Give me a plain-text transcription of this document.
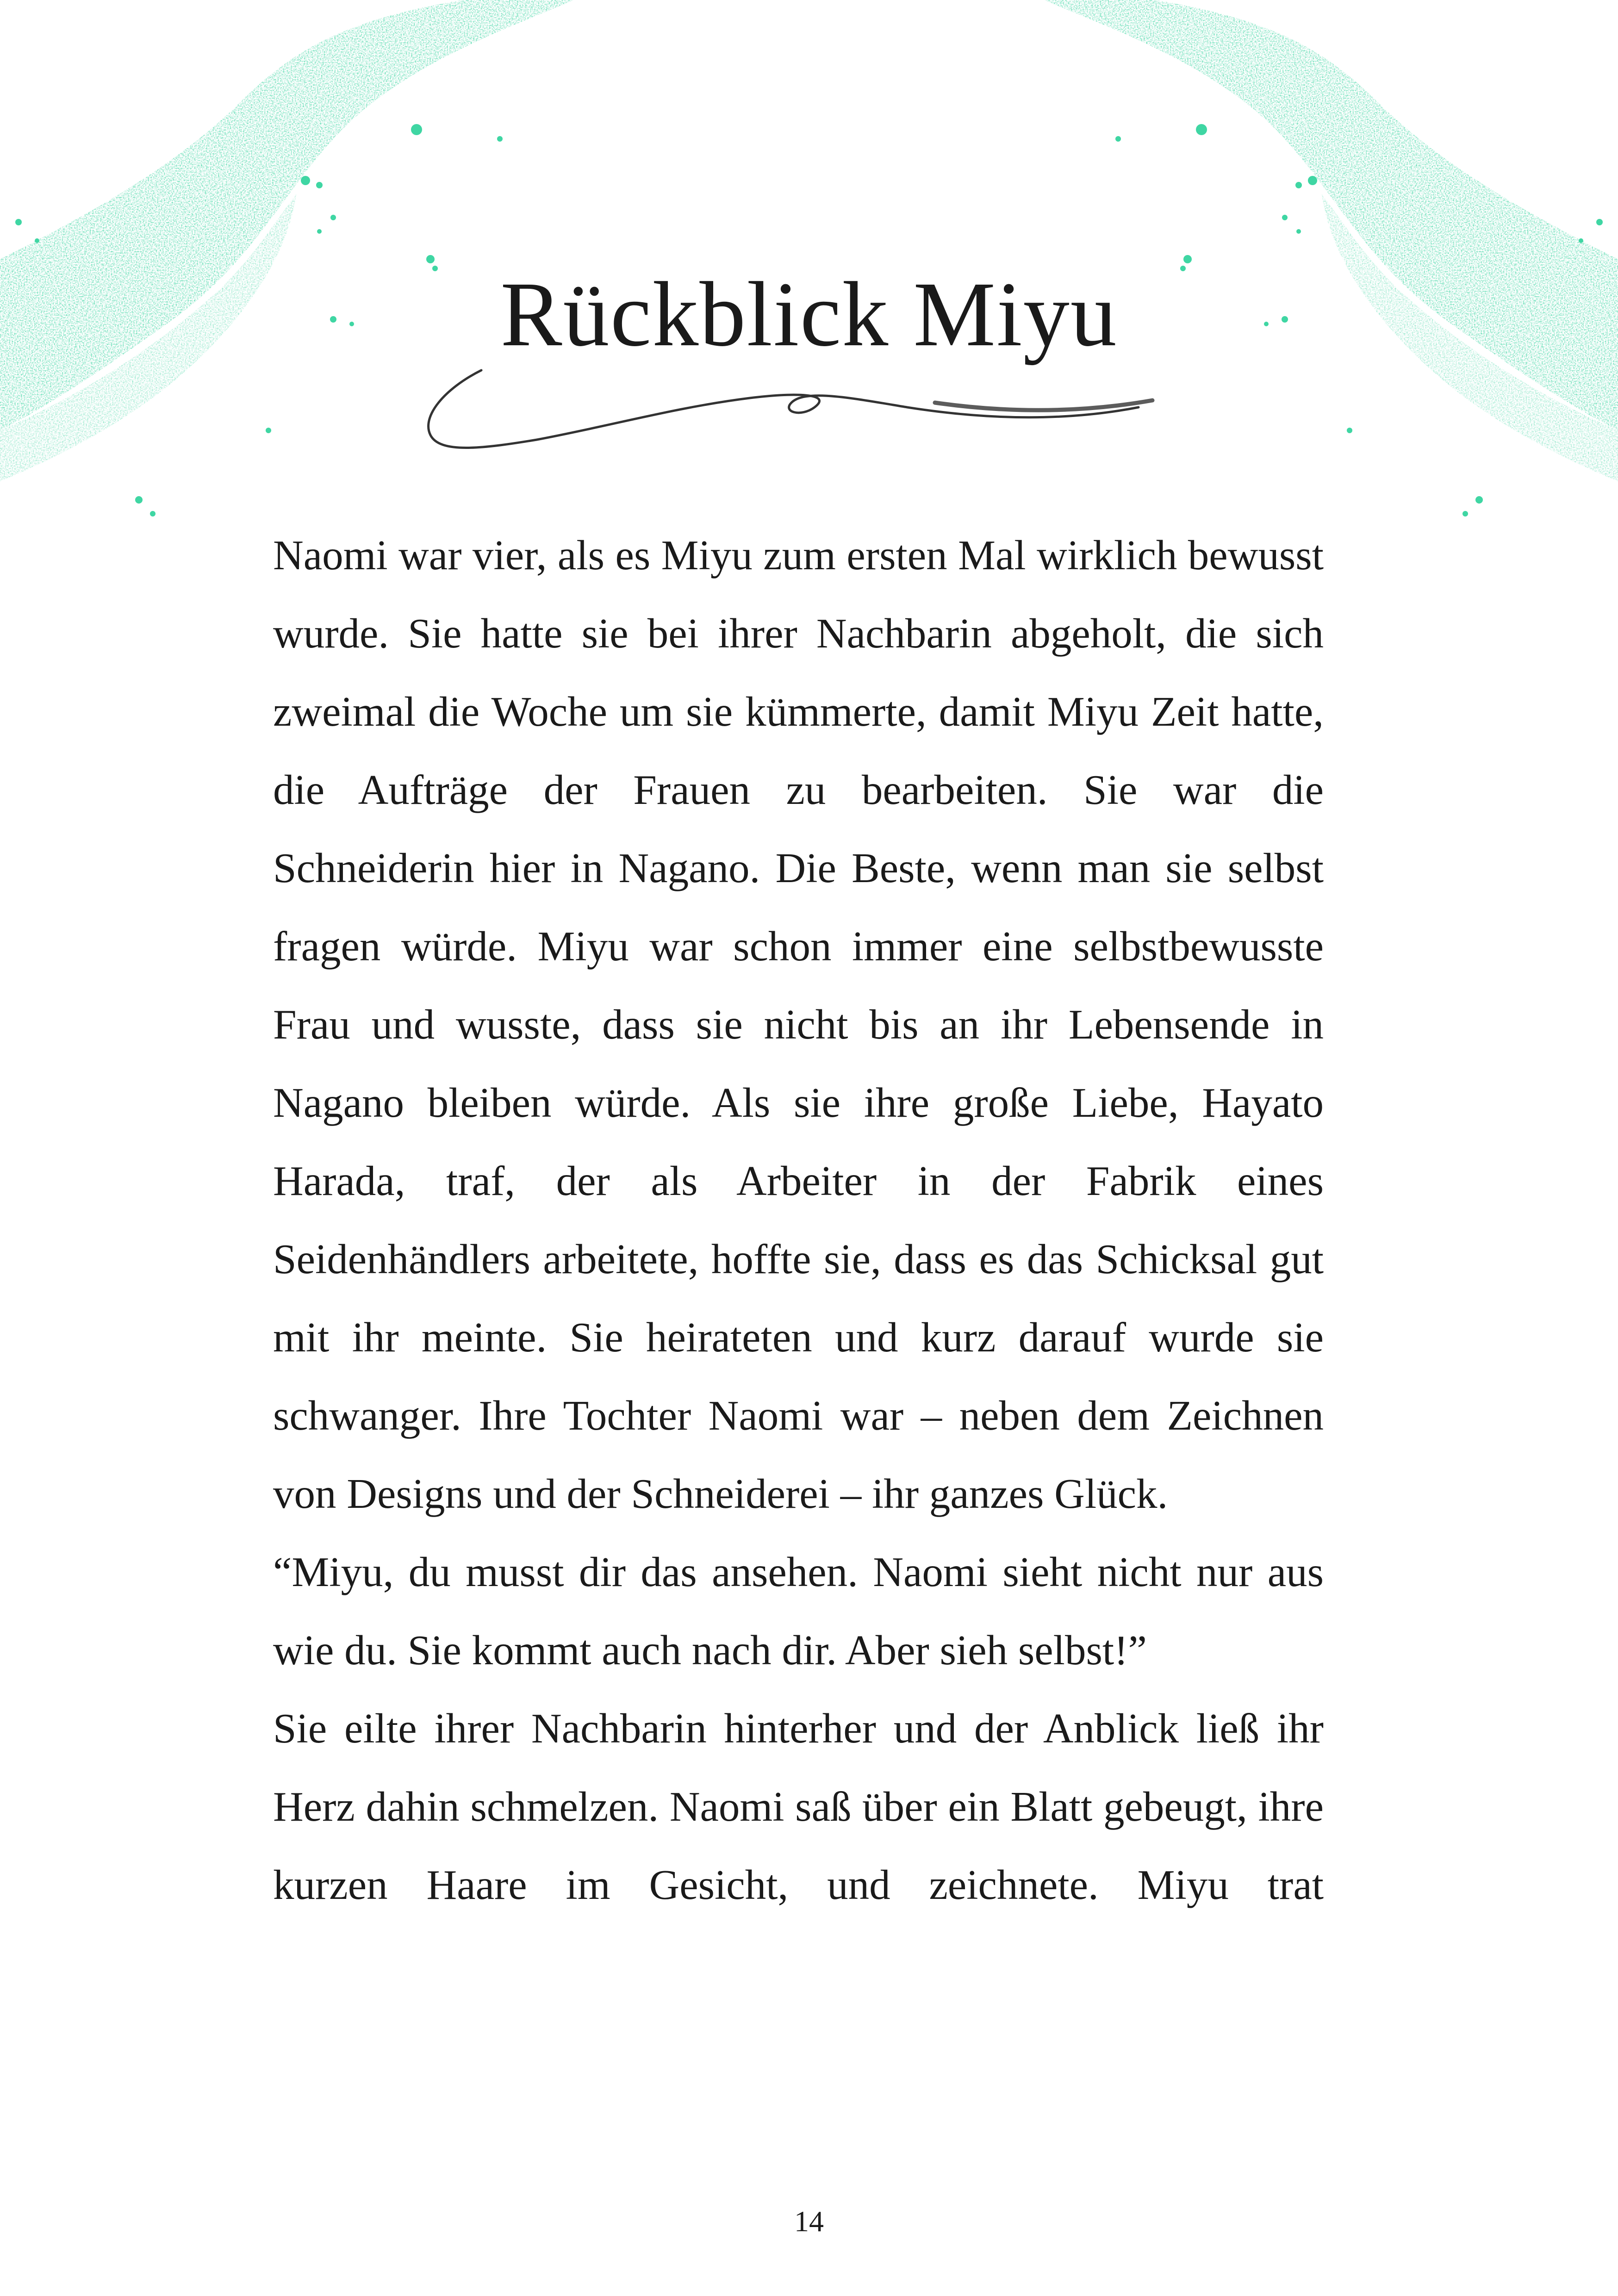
Rückblick Miyu

Naomi war vier, als es Miyu zum ersten Mal wirklich bewusst wurde. Sie hatte sie bei ihrer Nachbarin abgeholt, die sich zweimal die Woche um sie kümmerte, damit Miyu Zeit hatte, die Aufträge der Frauen zu bearbeiten. Sie war die Schneiderin hier in Nagano. Die Beste, wenn man sie selbst fragen würde. Miyu war schon immer eine selbstbewusste Frau und wusste, dass sie nicht bis an ihr Lebensende in Nagano bleiben würde. Als sie ihre große Liebe, Hayato Harada, traf, der als Arbeiter in der Fabrik eines Seidenhändlers arbeitete, hoffte sie, dass es das Schicksal gut mit ihr meinte. Sie heirateten und kurz darauf wurde sie schwanger. Ihre Tochter Naomi war – neben dem Zeichnen von Designs und der Schneiderei – ihr ganzes Glück.

“Miyu, du musst dir das ansehen. Naomi sieht nicht nur aus wie du. Sie kommt auch nach dir. Aber sieh selbst!”

Sie eilte ihrer Nachbarin hinterher und der Anblick ließ ihr Herz dahin schmelzen. Naomi saß über ein Blatt gebeugt, ihre kurzen Haare im Gesicht, und zeichnete. Miyu trat

14
